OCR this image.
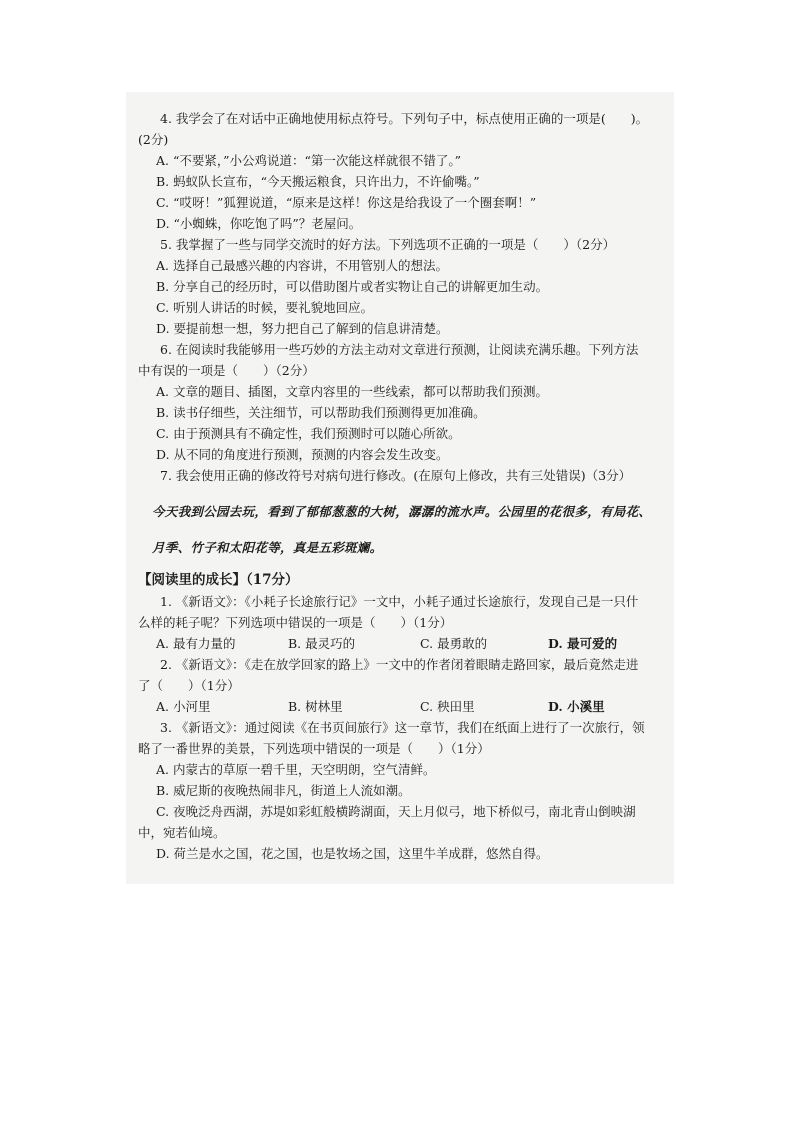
4. 我学会了在对话中正确地使用标点符号。下列句子中，标点使用正确的一项是(　　)。
(2分)
A. “不要紧，”小公鸡说道：“第一次能这样就很不错了。”
B. 蚂蚁队长宣布，“今天搬运粮食，只许出力，不许偷嘴。”
C. “哎呀！”狐狸说道，“原来是这样！你这是给我设了一个圈套啊！”
D. “小蜘蛛，你吃饱了吗”？老屋问。
5. 我掌握了一些与同学交流时的好方法。下列选项不正确的一项是（　　）（2分）
A. 选择自己最感兴趣的内容讲，不用管别人的想法。
B. 分享自己的经历时，可以借助图片或者实物让自己的讲解更加生动。
C. 听别人讲话的时候，要礼貌地回应。
D. 要提前想一想，努力把自己了解到的信息讲清楚。
6. 在阅读时我能够用一些巧妙的方法主动对文章进行预测，让阅读充满乐趣。下列方法
中有误的一项是（　　）（2分）
A. 文章的题目、插图，文章内容里的一些线索，都可以帮助我们预测。
B. 读书仔细些，关注细节，可以帮助我们预测得更加准确。
C. 由于预测具有不确定性，我们预测时可以随心所欲。
D. 从不同的角度进行预测，预测的内容会发生改变。
7. 我会使用正确的修改符号对病句进行修改。(在原句上修改，共有三处错误)（3分）
今天我到公园去玩，看到了郁郁葱葱的大树，潺潺的流水声。公园里的花很多，有局花、
月季、竹子和太阳花等，真是五彩斑斓。
【阅读里的成长】（17分）
1. 《新语文》：《小耗子长途旅行记》一文中，小耗子通过长途旅行，发现自己是一只什
么样的耗子呢？下列选项中错误的一项是（　　）（1分）
A. 最有力量的	B. 最灵巧的	C. 最勇敢的	D. 最可爱的
2. 《新语文》：《走在放学回家的路上》一文中的作者闭着眼睛走路回家，最后竟然走进
了（　　）（1分）
A. 小河里	B. 树林里	C. 秧田里	D. 小溪里
3. 《新语文》：通过阅读《在书页间旅行》这一章节，我们在纸面上进行了一次旅行，领
略了一番世界的美景，下列选项中错误的一项是（　　）（1分）
A. 内蒙古的草原一碧千里，天空明朗，空气清鲜。
B. 威尼斯的夜晚热闹非凡，街道上人流如潮。
C. 夜晚泛舟西湖，苏堤如彩虹般横跨湖面，天上月似弓，地下桥似弓，南北青山倒映湖
中，宛若仙境。
D. 荷兰是水之国，花之国，也是牧场之国，这里牛羊成群，悠然自得。
